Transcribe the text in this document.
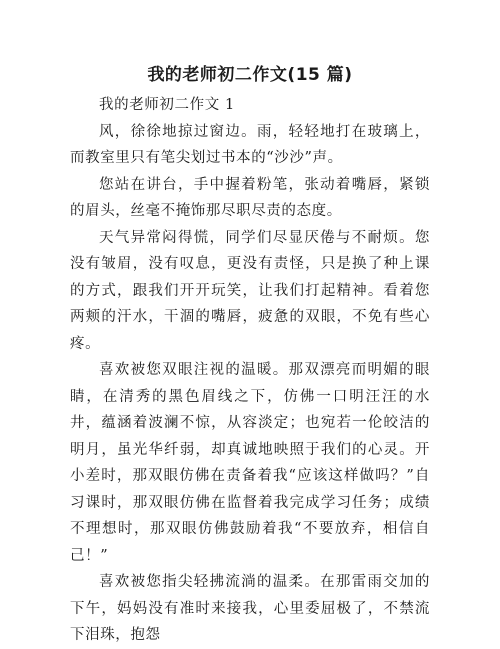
我的老师初二作文(15 篇)

我的老师初二作文 1

风，徐徐地掠过窗边。雨，轻轻地打在玻璃上，而教室里只有笔尖划过书本的“沙沙”声。

您站在讲台，手中握着粉笔，张动着嘴唇，紧锁的眉头，丝毫不掩饰那尽职尽责的态度。

天气异常闷得慌，同学们尽显厌倦与不耐烦。您没有皱眉，没有叹息，更没有责怪，只是换了种上课的方式，跟我们开开玩笑，让我们打起精神。看着您两颊的汗水，干涸的嘴唇，疲惫的双眼，不免有些心疼。

喜欢被您双眼注视的温暖。那双漂亮而明媚的眼睛，在清秀的黑色眉线之下，仿佛一口明汪汪的水井，蕴涵着波澜不惊，从容淡定；也宛若一伦皎洁的明月，虽光华纤弱，却真诚地映照于我们的心灵。开小差时，那双眼仿佛在责备着我“应该这样做吗？”自习课时，那双眼仿佛在监督着我完成学习任务；成绩不理想时，那双眼仿佛鼓励着我“不要放弃，相信自己！”

喜欢被您指尖轻拂流淌的温柔。在那雷雨交加的下午，妈妈没有准时来接我，心里委屈极了，不禁流下泪珠，抱怨
